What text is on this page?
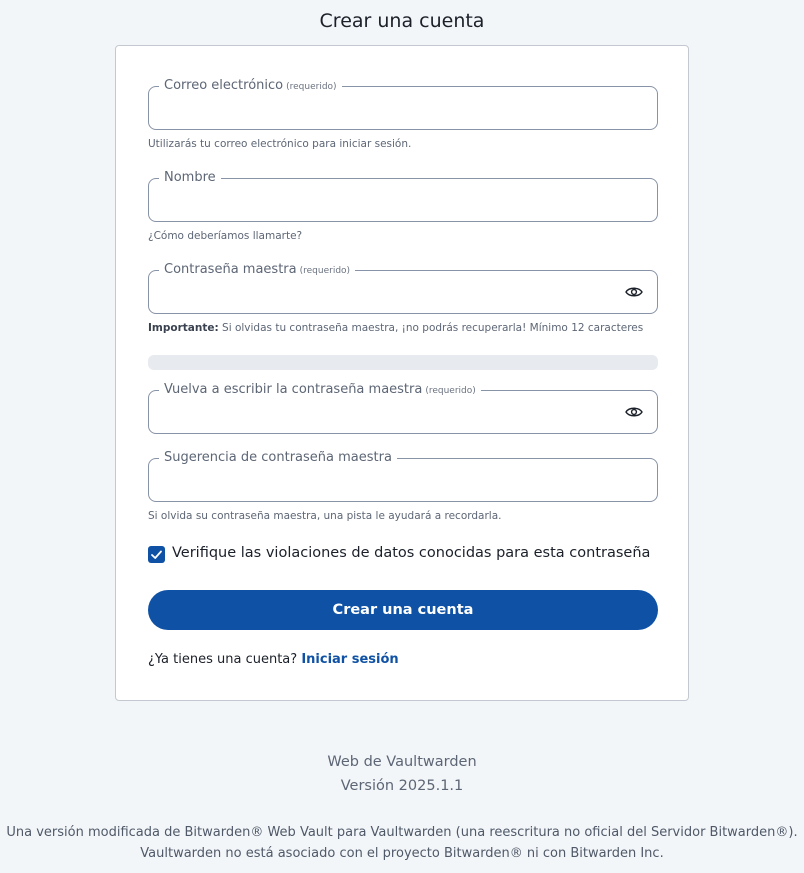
Crear una cuenta
Correo electrónico (requerido)
Utilizarás tu correo electrónico para iniciar sesión.
Nombre
¿Cómo deberíamos llamarte?
Contraseña maestra (requerido)
Importante: Si olvidas tu contraseña maestra, ¡no podrás recuperarla! Mínimo 12 caracteres
Vuelva a escribir la contraseña maestra (requerido)
Sugerencia de contraseña maestra
Si olvida su contraseña maestra, una pista le ayudará a recordarla.
Verifique las violaciones de datos conocidas para esta contraseña
Crear una cuenta
¿Ya tienes una cuenta? Iniciar sesión
Web de Vaultwarden
Versión 2025.1.1
Una versión modificada de Bitwarden® Web Vault para Vaultwarden (una reescritura no oficial del Servidor Bitwarden®).
Vaultwarden no está asociado con el proyecto Bitwarden® ni con Bitwarden Inc.
